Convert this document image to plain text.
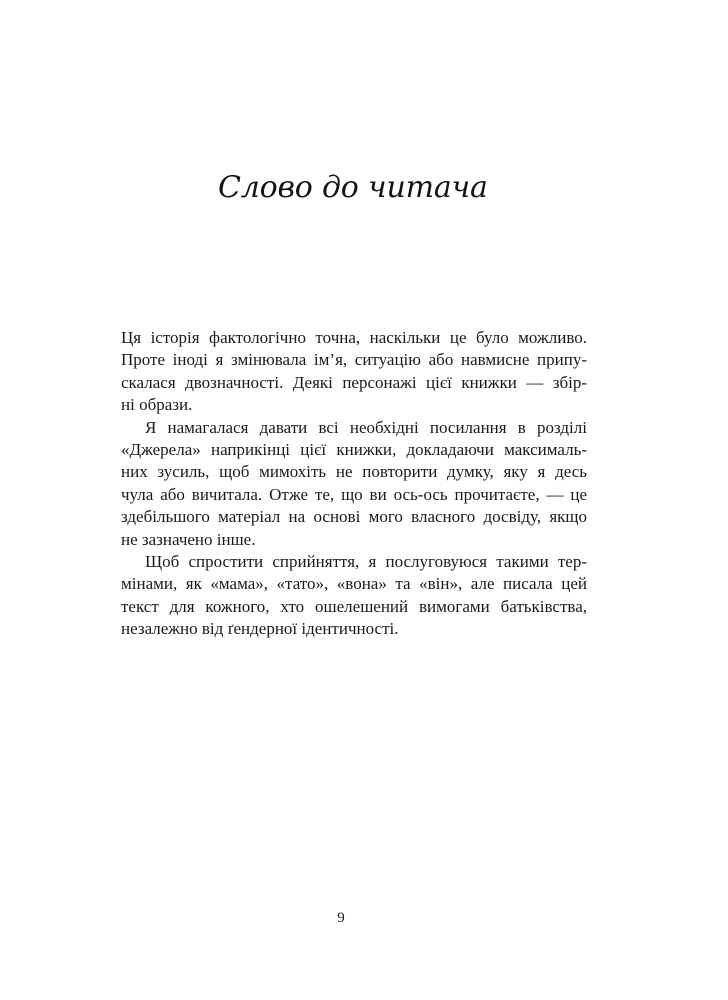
Слово до читача

Ця історія фактологічно точна, наскільки це було можливо.
Проте іноді я змінювала ім’я, ситуацію або навмисне припу-
скалася двозначності. Деякі персонажі цієї книжки — збір-
ні образи.

Я намагалася давати всі необхідні посилання в розділі
«Джерела» наприкінці цієї книжки, докладаючи максималь-
них зусиль, щоб мимохіть не повторити думку, яку я десь
чула або вичитала. Отже те, що ви ось-ось прочитаєте, — це
здебільшого матеріал на основі мого власного досвіду, якщо
не зазначено інше.

Щоб спростити сприйняття, я послуговуюся такими тер-
мінами, як «мама», «тато», «вона» та «він», але писала цей
текст для кожного, хто ошелешений вимогами батьківства,
незалежно від ґендерної ідентичності.

9
